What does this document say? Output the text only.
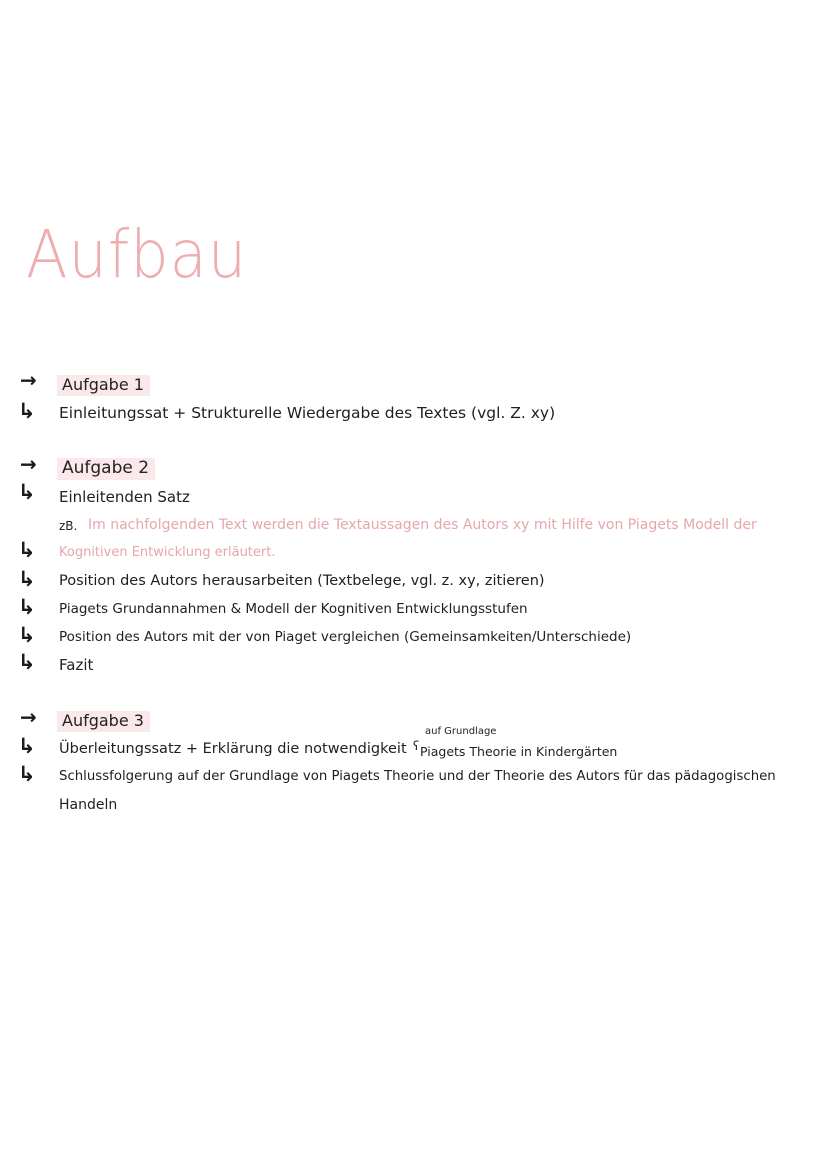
Aufbau
→	Aufgabe 1
↳ Einleitungssat + Strukturelle Wiedergabe des Textes (vgl. Z. xy)
→ Aufgabe 2
↳ Einleitenden Satz
zB. Im nachfolgenden Text werden die Textaussagen des Autors xy mit Hilfe von Piagets Modell der
↳ Kognitiven Entwicklung erläutert.
↳ Position des Autors herausarbeiten (Textbelege, vgl. z. xy, zitieren)
↳ Piagets Grundannahmen & Modell der Kognitiven Entwicklungsstufen
↳ Position des Autors mit der von Piaget vergleichen (Gemeinsamkeiten/Unterschiede)
↳ Fazit
→	Aufgabe 3
auf Grundlage
ʕ
↳ Überleitungssatz + Erklärung die notwendigkeit Piagets Theorie in Kindergärten
↳ Schlussfolgerung auf der Grundlage von Piagets Theorie und der Theorie des Autors für das pädagogischen
Handeln
